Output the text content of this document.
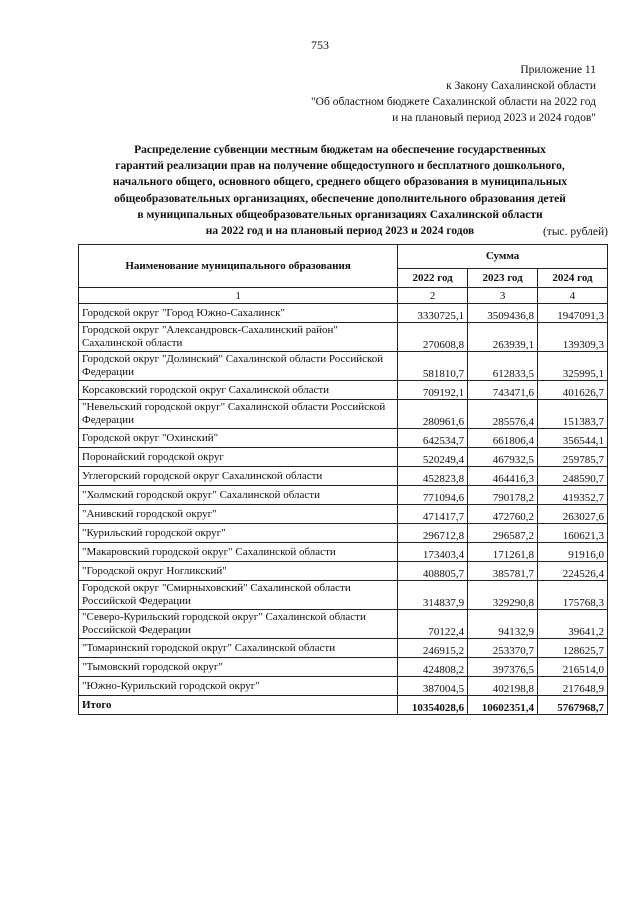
753
Приложение 11
к Закону Сахалинской области
"Об областном бюджете Сахалинской области на 2022 год
и на плановый период 2023 и 2024 годов"
Распределение субвенции местным бюджетам на обеспечение государственных
гарантий реализации прав на получение общедоступного и бесплатного дошкольного,
начального общего, основного общего, среднего общего образования в муниципальных
общеобразовательных организациях, обеспечение дополнительного образования детей
в муниципальных общеобразовательных организациях Сахалинской области
на 2022 год и на плановый период 2023 и 2024 годов	(тыс. рублей)
Наименование муниципального образования	Сумма		
	2022 год	2023 год	2024 год
1	2	3	4
Городской округ "Город Южно-Сахалинск"	3330725,1	3509436,8	1947091,3
Городской округ "Александровск-Сахалинский район" Сахалинской области	270608,8	263939,1	139309,3
Городской округ "Долинский" Сахалинской области Российской Федерации	581810,7	612833,5	325995,1
Корсаковский городской округ Сахалинской области	709192,1	743471,6	401626,7
"Невельский городской округ" Сахалинской области Российской Федерации	280961,6	285576,4	151383,7
Городской округ "Охинский"	642534,7	661806,4	356544,1
Поронайский городской округ	520249,4	467932,5	259785,7
Углегорский городской округ Сахалинской области	452823,8	464416,3	248590,7
"Холмский городской округ" Сахалинской области	771094,6	790178,2	419352,7
"Анивский городской округ"	471417,7	472760,2	263027,6
"Курильский городской округ"	296712,8	296587,2	160621,3
"Макаровский городской округ" Сахалинской области	173403,4	171261,8	91916,0
"Городской округ Ногликский"	408805,7	385781,7	224526,4
Городской округ "Смирныховский" Сахалинской области Российской Федерации	314837,9	329290,8	175768,3
"Северо-Курильский городской округ" Сахалинской области Российской Федерации	70122,4	94132,9	39641,2
"Томаринский городской округ" Сахалинской области	246915,2	253370,7	128625,7
"Тымовский городской округ"	424808,2	397376,5	216514,0
"Южно-Курильский городской округ"	387004,5	402198,8	217648,9
Итого	10354028,6	10602351,4	5767968,7
